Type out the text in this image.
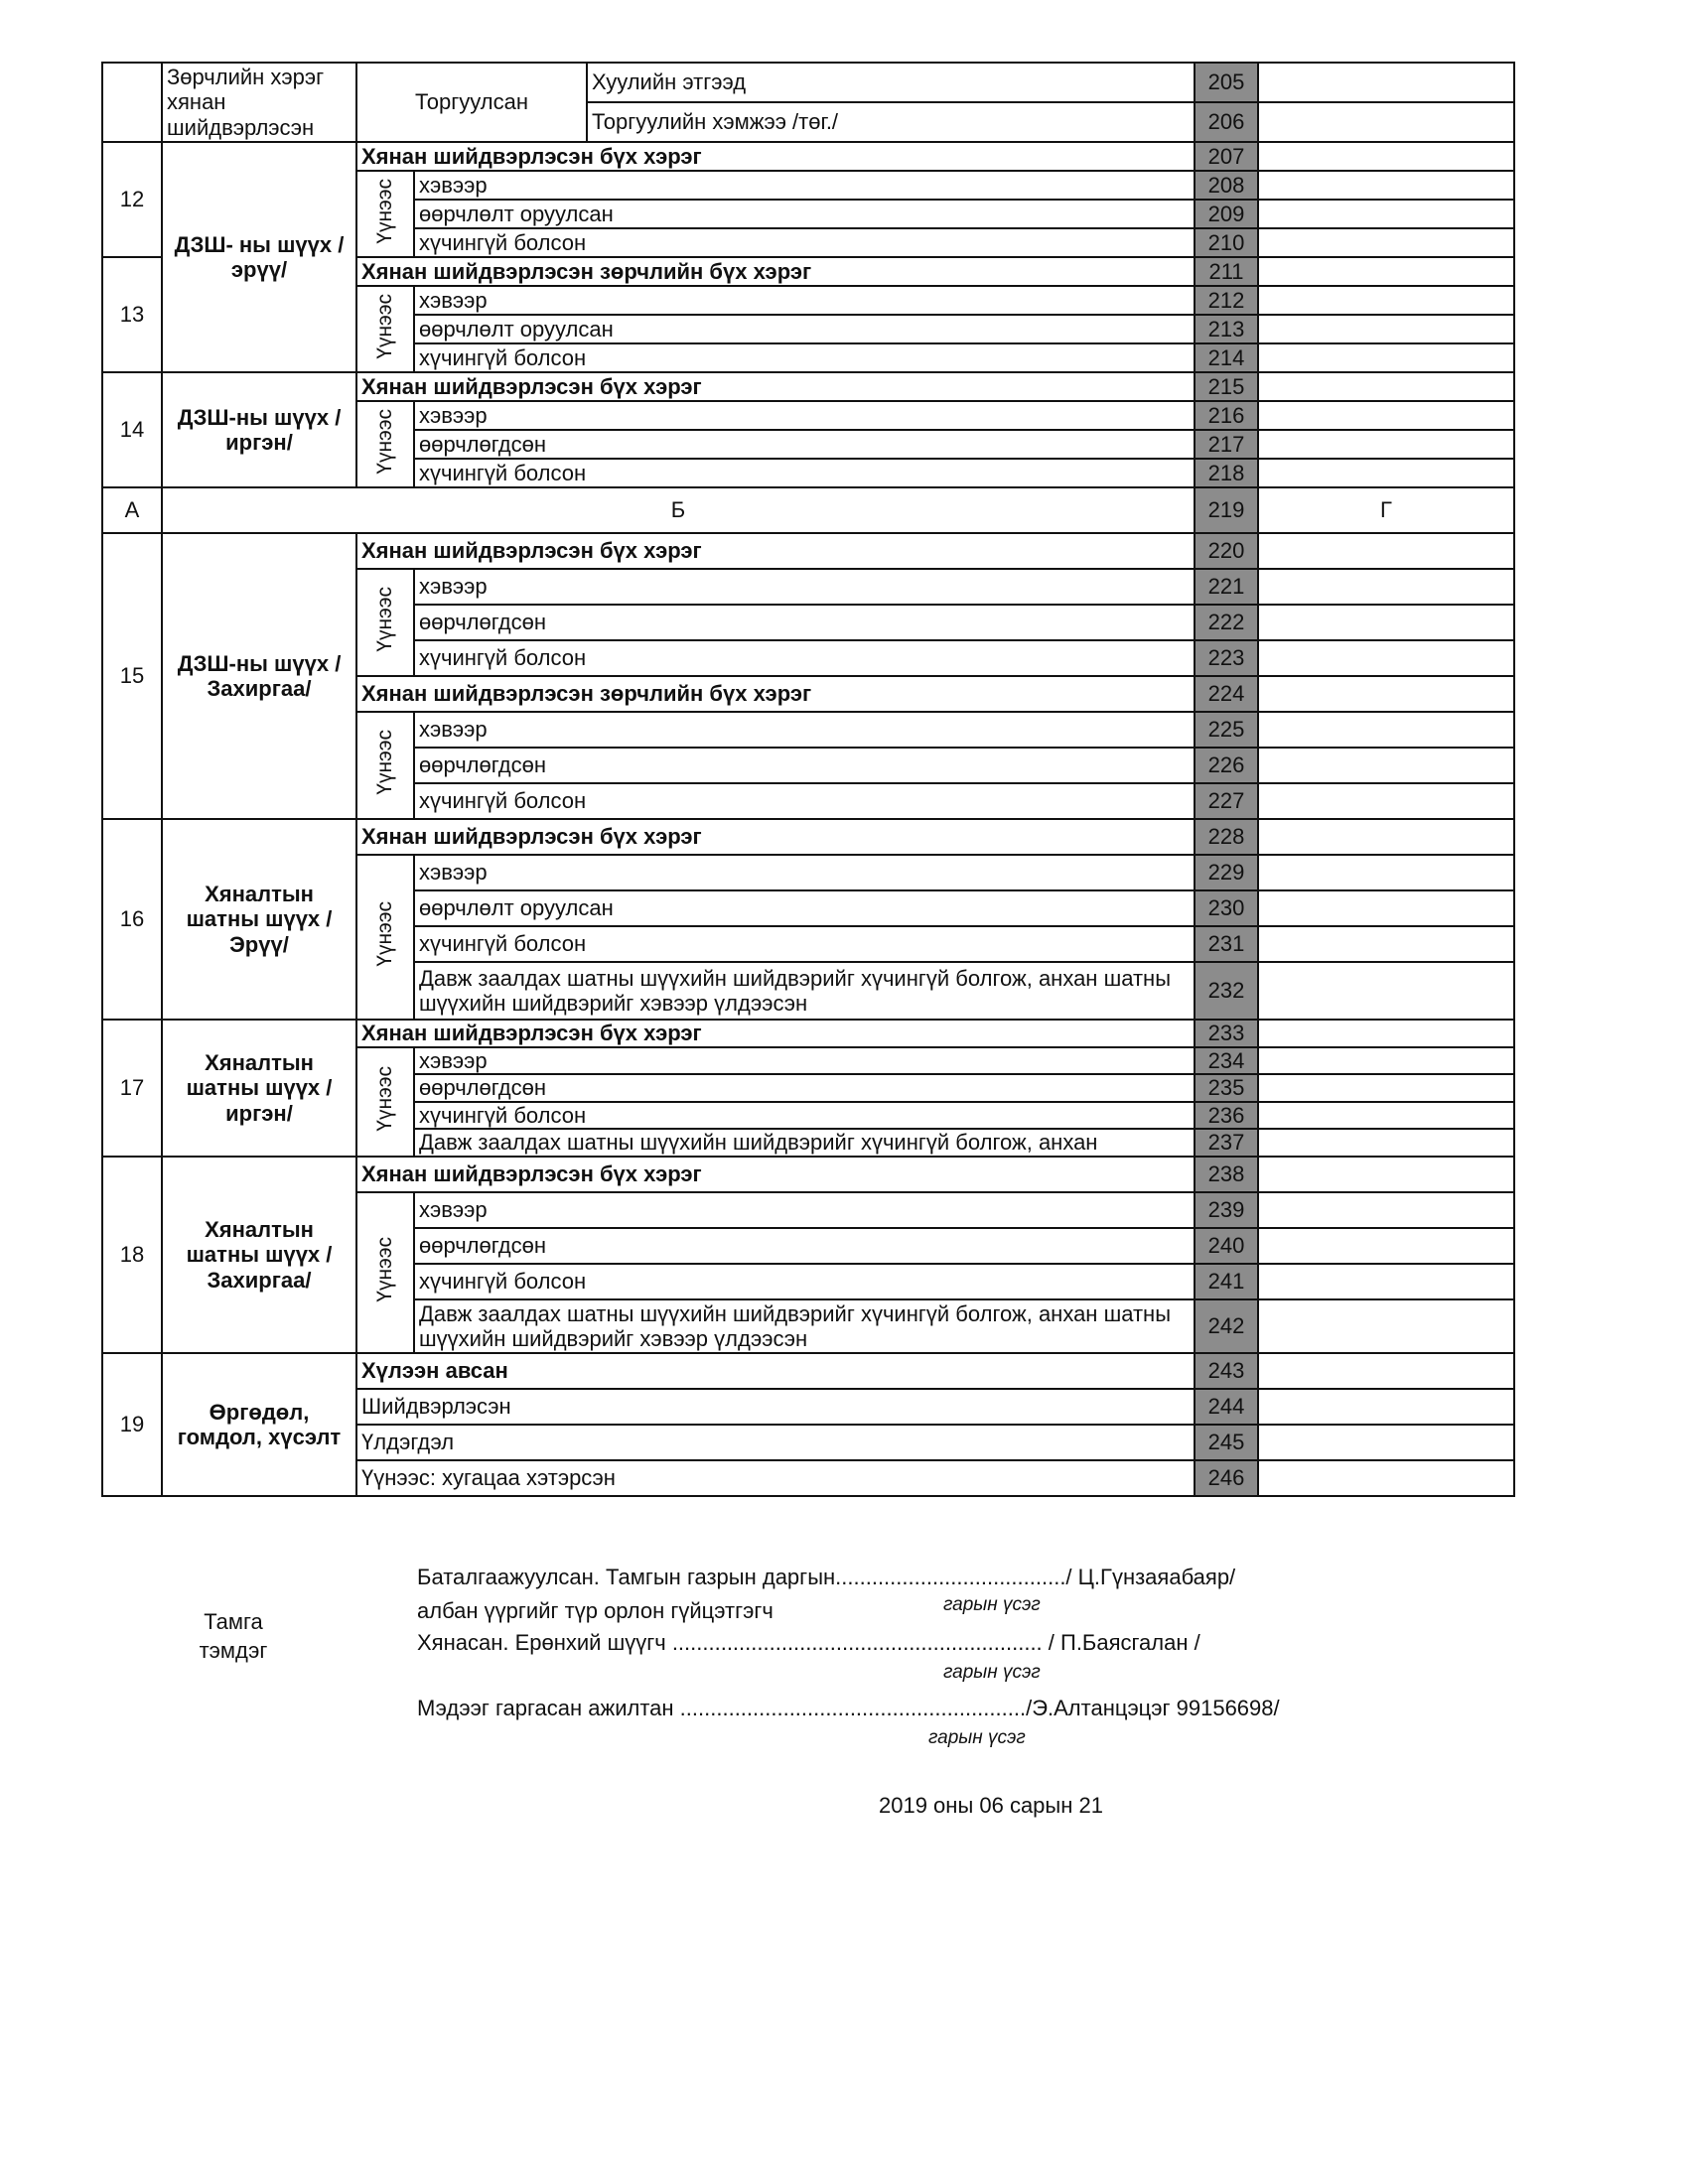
	Зөрчлийн хэрэг хянан шийдвэрлэсэн	Торгуулсан		Хуулийн этгээд	205	
				Торгуулийн хэмжээ /төг./	206	
12	ДЗШ- ны шүүх /эрүү/	Хянан шийдвэрлэсэн бүх хэрэг			207	
		Үүнээс	хэвээр		208	
			өөрчлөлт оруулсан		209	
			хүчингүй болсон		210	
13		Хянан шийдвэрлэсэн зөрчлийн бүх хэрэг			211	
		Үүнээс	хэвээр		212	
			өөрчлөлт оруулсан		213	
			хүчингүй болсон		214	
14	ДЗШ-ны шүүх /иргэн/	Хянан шийдвэрлэсэн бүх хэрэг			215	
		Үүнээс	хэвээр		216	
			өөрчлөгдсөн		217	
			хүчингүй болсон		218	
А	Б				219	Г
15	ДЗШ-ны шүүх /Захиргаа/	Хянан шийдвэрлэсэн бүх хэрэг			220	
		Үүнээс	хэвээр		221	
			өөрчлөгдсөн		222	
			хүчингүй болсон		223	
		Хянан шийдвэрлэсэн зөрчлийн бүх хэрэг			224	
		Үүнээс	хэвээр		225	
			өөрчлөгдсөн		226	
			хүчингүй болсон		227	
16	Хяналтын шатны шүүх /Эрүү/	Хянан шийдвэрлэсэн бүх хэрэг			228	
		Үүнээс	хэвээр		229	
			өөрчлөлт оруулсан		230	
			хүчингүй болсон		231	
			Давж заалдах шатны шүүхийн шийдвэрийг хүчингүй болгож, анхан шатны шүүхийн шийдвэрийг хэвээр үлдээсэн		232	
17	Хяналтын шатны шүүх /иргэн/	Хянан шийдвэрлэсэн бүх хэрэг			233	
		Үүнээс	хэвээр		234	
			өөрчлөгдсөн		235	
			хүчингүй болсон		236	
			Давж заалдах шатны шүүхийн шийдвэрийг хүчингүй болгож, анхан		237	
18	Хяналтын шатны шүүх /Захиргаа/	Хянан шийдвэрлэсэн бүх хэрэг			238	
		Үүнээс	хэвээр		239	
			өөрчлөгдсөн		240	
			хүчингүй болсон		241	
			Давж заалдах шатны шүүхийн шийдвэрийг хүчингүй болгож, анхан шатны шүүхийн шийдвэрийг хэвээр үлдээсэн		242	
19	Өргөдөл, гомдол, хүсэлт	Хүлээн авсан			243	
		Шийдвэрлэсэн			244	
		Үлдэгдэл			245	
		Үүнээс: хугацаа хэтэрсэн			246	
Тамга тэмдэг
Баталгаажуулсан. Тамгын газрын даргын....................................../ Ц.Гүнзаяабаяр/
албан үүргийг түр орлон гүйцэтгэгч	гарын үсэг
Хянасан. Ерөнхий шүүгч ............................................................. / П.Баясгалан /
гарын үсэг
Мэдээг гаргасан ажилтан ........................................................./Э.Алтанцэцэг 99156698/
гарын үсэг
2019 оны 06 сарын 21
